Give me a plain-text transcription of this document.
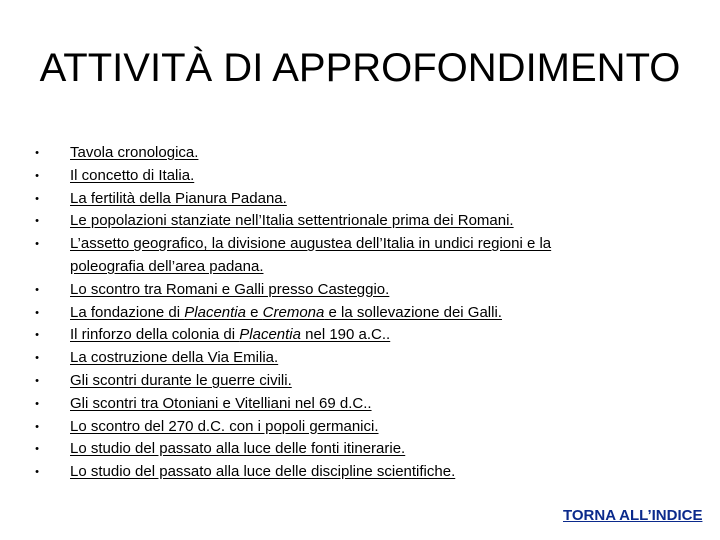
ATTIVITÀ DI APPROFONDIMENTO
• Tavola cronologica.
• Il concetto di Italia.
• La fertilità della Pianura Padana.
• Le popolazioni stanziate nell’Italia settentrionale prima dei Romani.
• L’assetto geografico, la divisione augustea dell’Italia in undici regioni e la poleografia dell’area padana.
• Lo scontro tra Romani e Galli presso Casteggio.
• La fondazione di Placentia e Cremona e la sollevazione dei Galli.
• Il rinforzo della colonia di Placentia nel 190 a.C..
• La costruzione della Via Emilia.
• Gli scontri durante le guerre civili.
• Gli scontri tra Otoniani e Vitelliani nel 69 d.C..
• Lo scontro del 270 d.C. con i popoli germanici.
• Lo studio del passato alla luce delle fonti itinerarie.
• Lo studio del passato alla luce delle discipline scientifiche.
TORNA ALL’INDICE
